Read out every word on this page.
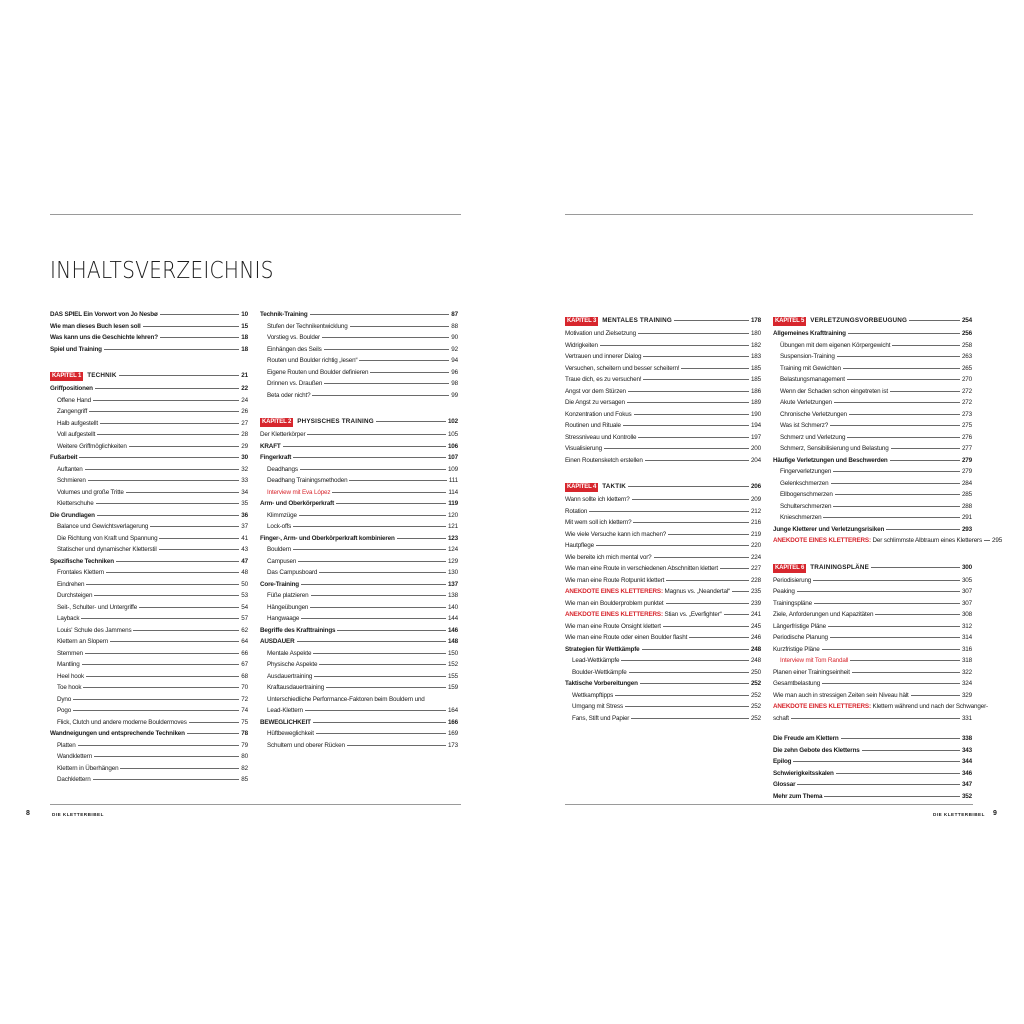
INHALTSVERZEICHNIS
DAS SPIEL Ein Vorwort von Jo Nesbø	10
Wie man dieses Buch lesen soll	15
Was kann uns die Geschichte lehren?	18
Spiel und Training	18
KAPITEL 1 TECHNIK	21
Griffpositionen	22
Offene Hand	24
Zangengriff	26
Halb aufgestellt	27
Voll aufgestellt	28
Weitere Griffmöglichkeiten	29
Fußarbeit	30
Auftanten	32
Schmieren	33
Volumes und große Tritte	34
Kletterschuhe	35
Die Grundlagen	36
Balance und Gewichtsverlagerung	37
Die Richtung von Kraft und Spannung	41
Statischer und dynamischer Kletterstil	43
Spezifische Techniken	47
Frontales Klettern	48
Eindrehen	50
Durchsteigen	53
Seit-, Schulter- und Untergriffe	54
Layback	57
Louis' Schule des Jammens	62
Klettern an Slopern	64
Stemmen	66
Mantling	67
Heel hook	68
Toe hook	70
Dyno	72
Pogo	74
Flick, Clutch und andere moderne Bouldermoves	75
Wandneigungen und entsprechende Techniken	78
Platten	79
Wandklettern	80
Klettern in Überhängen	82
Dachklettern	85
Technik-Training	87
Stufen der Technikentwicklung	88
Vorstieg vs. Boulder	90
Einhängen des Seils	92
Routen und Boulder richtig „lesen“	94
Eigene Routen und Boulder definieren	96
Drinnen vs. Draußen	98
Beta oder nicht?	99
KAPITEL 2 PHYSISCHES TRAINING	102
Der Kletterkörper	105
KRAFT	106
Fingerkraft	107
Deadhangs	109
Deadhang Trainingsmethoden	111
Interview mit Eva López	114
Arm- und Oberkörperkraft	119
Klimmzüge	120
Lock-offs	121
Finger-, Arm- und Oberkörperkraft kombinieren	123
Bouldern	124
Campusen	129
Das Campusboard	130
Core-Training	137
Füße platzieren	138
Hängeübungen	140
Hangwaage	144
Begriffe des Krafttrainings	146
AUSDAUER	148
Mentale Aspekte	150
Physische Aspekte	152
Ausdauertraining	155
Kraftausdauertraining	159
Unterschiedliche Performance-Faktoren beim Bouldern und
Lead-Klettern	164
BEWEGLICHKEIT	166
Hüftbeweglichkeit	169
Schultern und oberer Rücken	173
KAPITEL 3 MENTALES TRAINING	178
Motivation und Zielsetzung	180
Widrigkeiten	182
Vertrauen und innerer Dialog	183
Versuchen, scheitern und besser scheitern!	185
Traue dich, es zu versuchen!	185
Angst vor dem Stürzen	186
Die Angst zu versagen	189
Konzentration und Fokus	190
Routinen und Rituale	194
Stressniveau und Kontrolle	197
Visualisierung	200
Einen Routensketch erstellen	204
KAPITEL 4 TAKTIK	206
Wann sollte ich klettern?	209
Rotation	212
Mit wem soll ich klettern?	216
Wie viele Versuche kann ich machen?	219
Hautpflege	220
Wie bereite ich mich mental vor?	224
Wie man eine Route in verschiedenen Abschnitten klettert	227
Wie man eine Route Rotpunkt klettert	228
ANEKDOTE EINES KLETTERERS: Magnus vs. „Neandertal“	235
Wie man ein Boulderproblem punktet	239
ANEKDOTE EINES KLETTERERS: Stian vs. „Everfighter“	241
Wie man eine Route Onsight klettert	245
Wie man eine Route oder einen Boulder flasht	246
Strategien für Wettkämpfe	248
Lead-Wettkämpfe	248
Boulder-Wettkämpfe	250
Taktische Vorbereitungen	252
Wettkampftipps	252
Umgang mit Stress	252
Fans, Stift und Papier	252
KAPITEL 5 VERLETZUNGSVORBEUGUNG	254
Allgemeines Krafttraining	256
Übungen mit dem eigenen Körpergewicht	258
Suspension-Training	263
Training mit Gewichten	265
Belastungsmanagement	270
Wenn der Schaden schon eingetreten ist	272
Akute Verletzungen	272
Chronische Verletzungen	273
Was ist Schmerz?	275
Schmerz und Verletzung	276
Schmerz, Sensibilisierung und Belastung	277
Häufige Verletzungen und Beschwerden	279
Fingerverletzungen	279
Gelenkschmerzen	284
Ellbogenschmerzen	285
Schulterschmerzen	288
Knieschmerzen	291
Junge Kletterer und Verletzungsrisiken	293
ANEKDOTE EINES KLETTERERS: Der schlimmste Albtraum eines Kletterers 295
KAPITEL 6 TRAININGSPLÄNE	300
Periodisierung	305
Peaking	307
Trainingspläne	307
Ziele, Anforderungen und Kapazitäten	308
Längerfristige Pläne	312
Periodische Planung	314
Kurzfristige Pläne	316
Interview mit Tom Randall	318
Planen einer Trainingseinheit	322
Gesamtbelastung	324
Wie man auch in stressigen Zeiten sein Niveau hält	329
ANEKDOTE EINES KLETTERERS: Klettern während und nach der Schwanger-
schaft	331
Die Freude am Klettern	338
Die zehn Gebote des Kletterns	343
Epilog	344
Schwierigkeitsskalen	346
Glossar	347
Mehr zum Thema	352
8	DIE KLETTERBIBEL	DIE KLETTERBIBEL 9
